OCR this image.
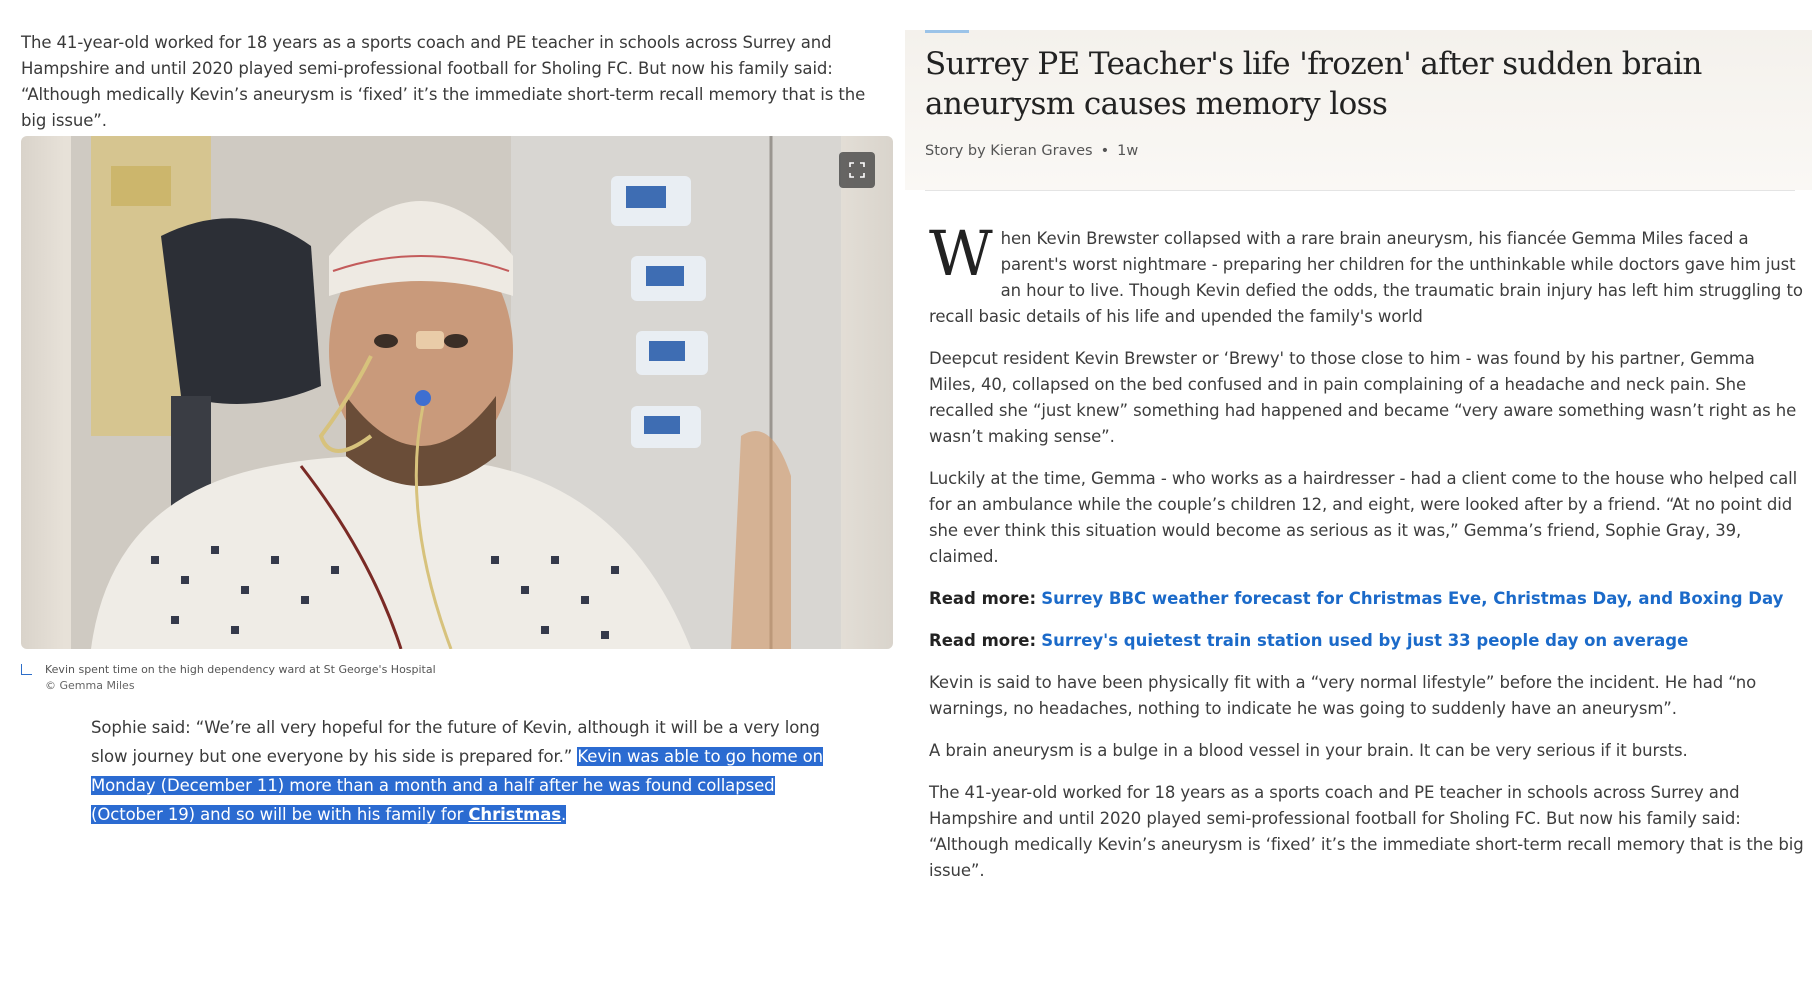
The 41-year-old worked for 18 years as a sports coach and PE teacher in schools across Surrey and Hampshire and until 2020 played semi-professional football for Sholing FC. But now his family said: “Although medically Kevin’s aneurysm is ‘fixed’ it’s the immediate short-term recall memory that is the big issue”.

Kevin spent time on the high dependency ward at St George's Hospital
© Gemma Miles

Sophie said: “We’re all very hopeful for the future of Kevin, although it will be a very long slow journey but one everyone by his side is prepared for.” Kevin was able to go home on Monday (December 11) more than a month and a half after he was found collapsed (October 19) and so will be with his family for Christmas.

Surrey PE Teacher's life 'frozen' after sudden brain aneurysm causes memory loss
Story by Kieran Graves • 1w

When Kevin Brewster collapsed with a rare brain aneurysm, his fiancée Gemma Miles faced a parent's worst nightmare - preparing her children for the unthinkable while doctors gave him just an hour to live. Though Kevin defied the odds, the traumatic brain injury has left him struggling to recall basic details of his life and upended the family's world

Deepcut resident Kevin Brewster or ‘Brewy' to those close to him - was found by his partner, Gemma Miles, 40, collapsed on the bed confused and in pain complaining of a headache and neck pain. She recalled she “just knew” something had happened and became “very aware something wasn’t right as he wasn’t making sense”.

Luckily at the time, Gemma - who works as a hairdresser - had a client come to the house who helped call for an ambulance while the couple’s children 12, and eight, were looked after by a friend. “At no point did she ever think this situation would become as serious as it was,” Gemma’s friend, Sophie Gray, 39, claimed.

Read more: Surrey BBC weather forecast for Christmas Eve, Christmas Day, and Boxing Day

Read more: Surrey's quietest train station used by just 33 people day on average

Kevin is said to have been physically fit with a “very normal lifestyle” before the incident. He had “no warnings, no headaches, nothing to indicate he was going to suddenly have an aneurysm”.

A brain aneurysm is a bulge in a blood vessel in your brain. It can be very serious if it bursts.

The 41-year-old worked for 18 years as a sports coach and PE teacher in schools across Surrey and Hampshire and until 2020 played semi-professional football for Sholing FC. But now his family said: “Although medically Kevin’s aneurysm is ‘fixed’ it’s the immediate short-term recall memory that is the big issue”.
